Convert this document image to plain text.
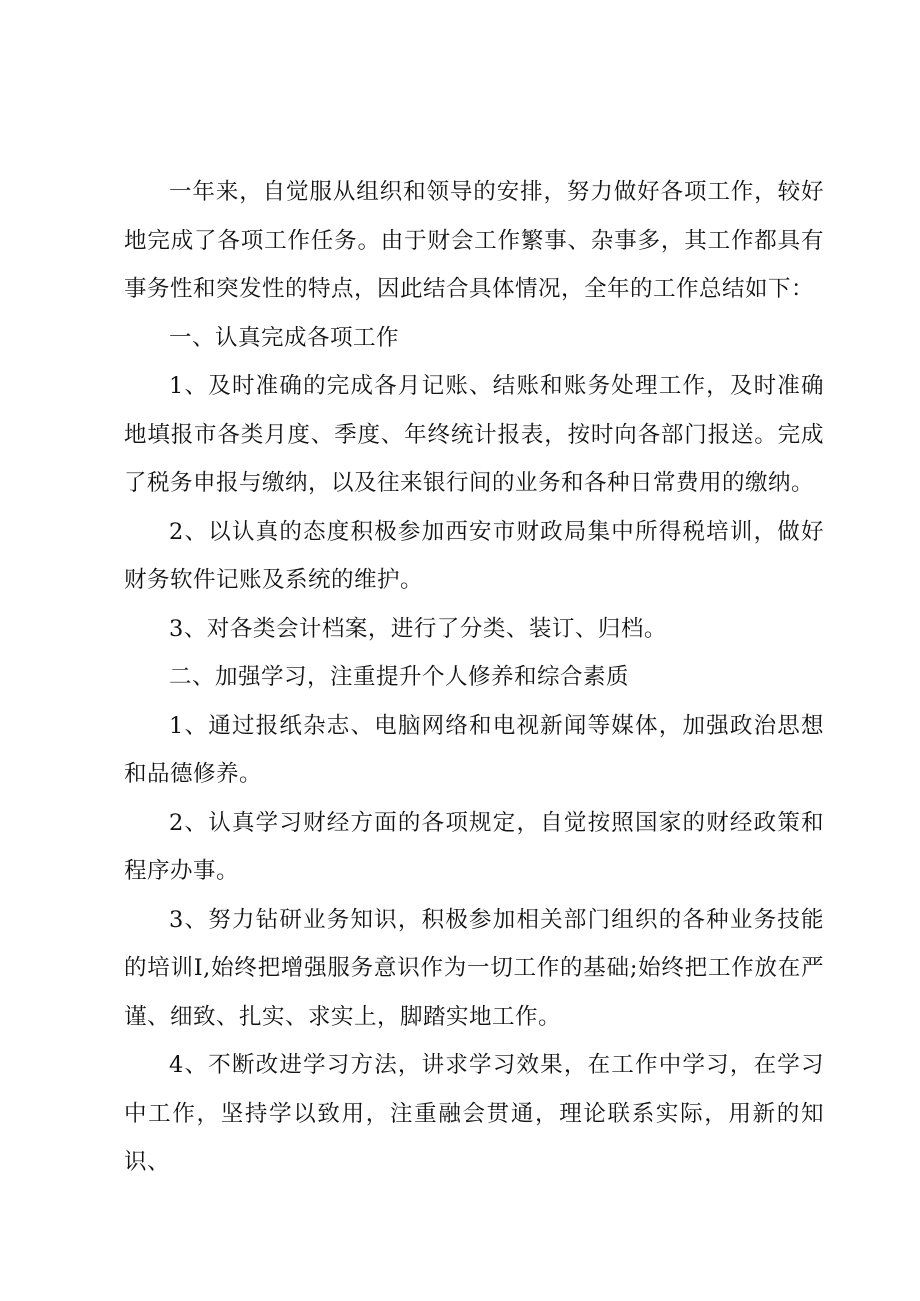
一年来，自觉服从组织和领导的安排，努力做好各项工作，较好地完成了各项工作任务。由于财会工作繁事、杂事多，其工作都具有事务性和突发性的特点，因此结合具体情况，全年的工作总结如下：

一、认真完成各项工作

1、及时准确的完成各月记账、结账和账务处理工作，及时准确地填报市各类月度、季度、年终统计报表，按时向各部门报送。完成了税务申报与缴纳，以及往来银行间的业务和各种日常费用的缴纳。

2、以认真的态度积极参加西安市财政局集中所得税培训，做好财务软件记账及系统的维护。

3、对各类会计档案，进行了分类、装订、归档。

二、加强学习，注重提升个人修养和综合素质

1、通过报纸杂志、电脑网络和电视新闻等媒体，加强政治思想和品德修养。

2、认真学习财经方面的各项规定，自觉按照国家的财经政策和程序办事。

3、努力钻研业务知识，积极参加相关部门组织的各种业务技能的培训I,始终把增强服务意识作为一切工作的基础;始终把工作放在严谨、细致、扎实、求实上，脚踏实地工作。

4、不断改进学习方法，讲求学习效果，在工作中学习，在学习中工作，坚持学以致用，注重融会贯通，理论联系实际，用新的知识、
